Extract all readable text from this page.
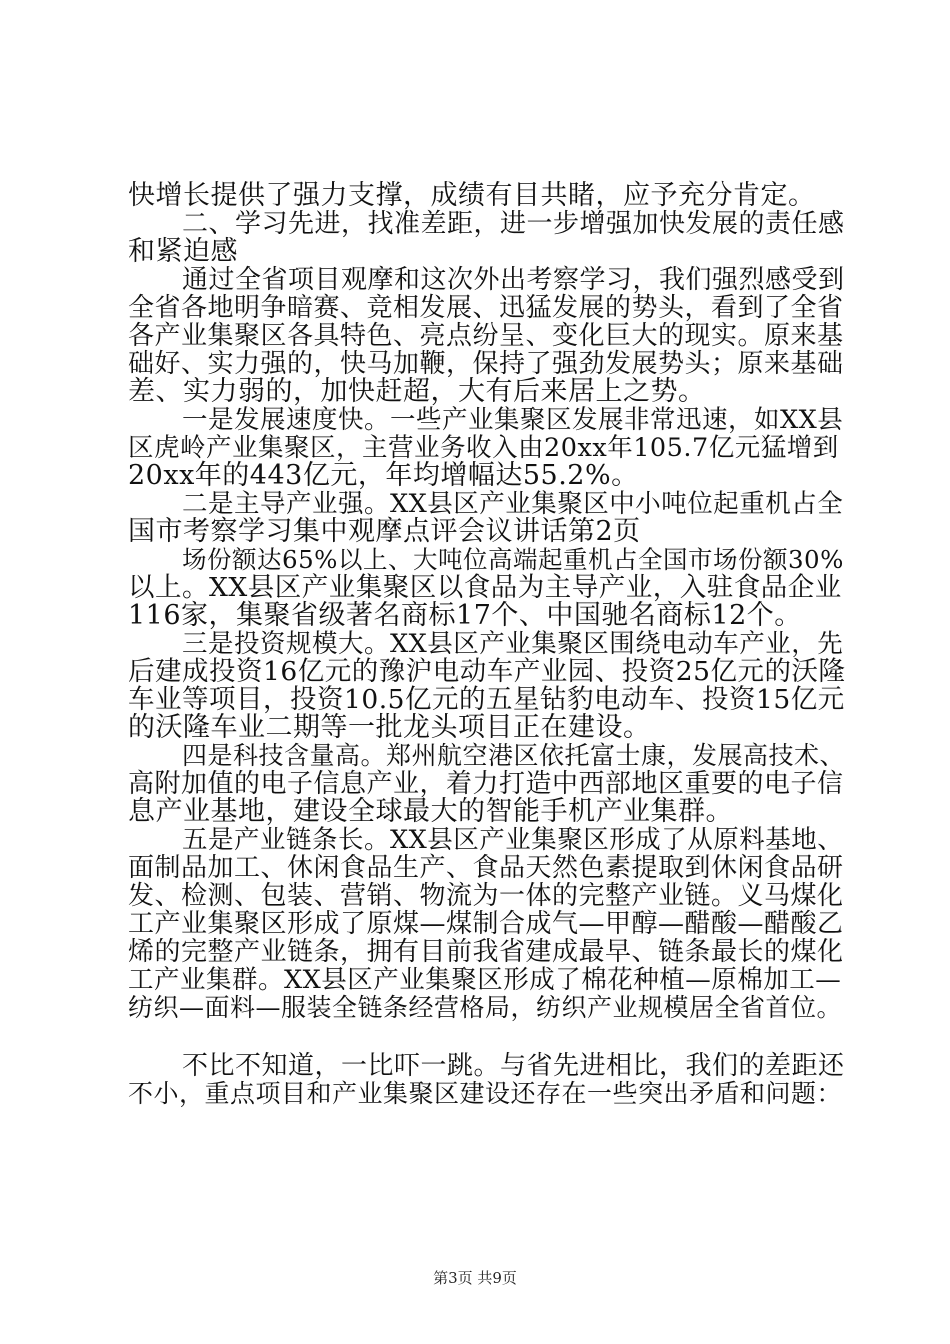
快增长提供了强力支撑，成绩有目共睹，应予充分肯定。
二、学习先进，找准差距，进一步增强加快发展的责任感
和紧迫感
通过全省项目观摩和这次外出考察学习，我们强烈感受到
全省各地明争暗赛、竞相发展、迅猛发展的势头，看到了全省
各产业集聚区各具特色、亮点纷呈、变化巨大的现实。原来基
础好、实力强的，快马加鞭，保持了强劲发展势头；原来基础
差、实力弱的，加快赶超，大有后来居上之势。
一是发展速度快。一些产业集聚区发展非常迅速，如XX县
区虎岭产业集聚区，主营业务收入由20xx年105.7亿元猛增到
20xx年的443亿元，年均增幅达55.2%。
二是主导产业强。XX县区产业集聚区中小吨位起重机占全
国市考察学习集中观摩点评会议讲话第2页
场份额达65%以上、大吨位高端起重机占全国市场份额30%
以上。XX县区产业集聚区以食品为主导产业，入驻食品企业
116家，集聚省级著名商标17个、中国驰名商标12个。
三是投资规模大。XX县区产业集聚区围绕电动车产业，先
后建成投资16亿元的豫沪电动车产业园、投资25亿元的沃隆
车业等项目，投资10.5亿元的五星钻豹电动车、投资15亿元
的沃隆车业二期等一批龙头项目正在建设。
四是科技含量高。郑州航空港区依托富士康，发展高技术、
高附加值的电子信息产业，着力打造中西部地区重要的电子信
息产业基地，建设全球最大的智能手机产业集群。
五是产业链条长。XX县区产业集聚区形成了从原料基地、
面制品加工、休闲食品生产、食品天然色素提取到休闲食品研
发、检测、包装、营销、物流为一体的完整产业链。义马煤化
工产业集聚区形成了原煤—煤制合成气—甲醇—醋酸—醋酸乙
烯的完整产业链条，拥有目前我省建成最早、链条最长的煤化
工产业集群。XX县区产业集聚区形成了棉花种植—原棉加工—
纺织—面料—服装全链条经营格局，纺织产业规模居全省首位。
不比不知道，一比吓一跳。与省先进相比，我们的差距还
不小，重点项目和产业集聚区建设还存在一些突出矛盾和问题：
第3页 共9页
